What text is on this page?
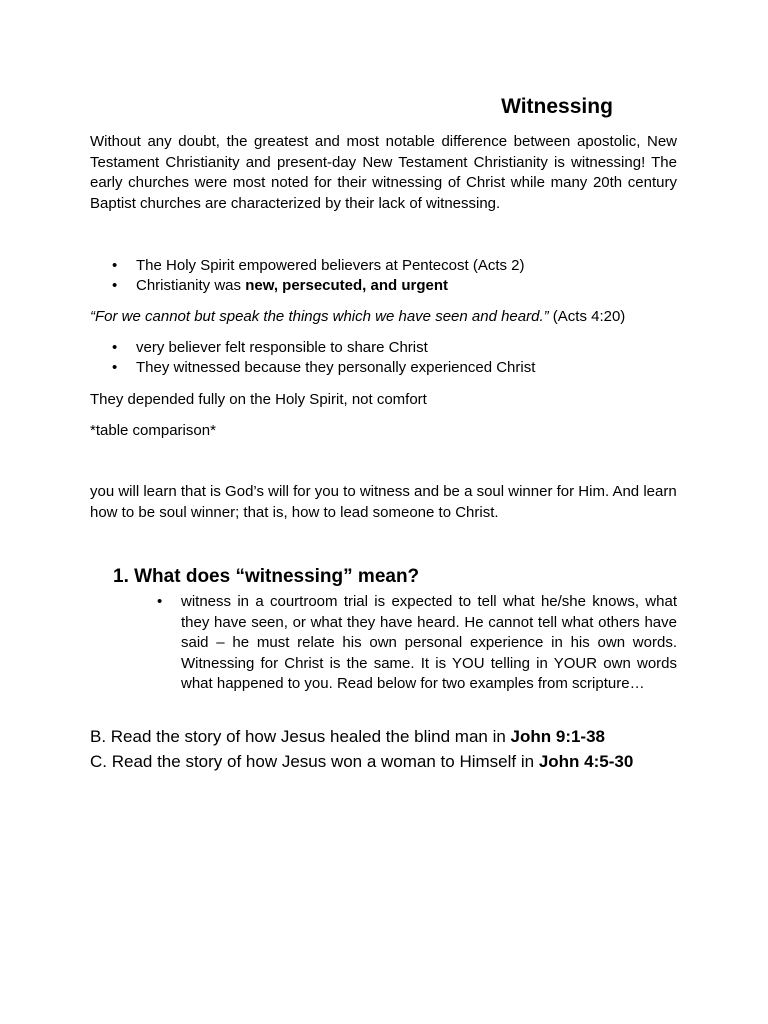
Witnessing

Without any doubt, the greatest and most notable difference between apostolic, New Testament Christianity and present-day New Testament Christianity is witnessing! The early churches were most noted for their witnessing of Christ while many 20th century Baptist churches are characterized by their lack of witnessing.

• The Holy Spirit empowered believers at Pentecost (Acts 2)
• Christianity was new, persecuted, and urgent

“For we cannot but speak the things which we have seen and heard.” (Acts 4:20)

• very believer felt responsible to share Christ
• They witnessed because they personally experienced Christ

They depended fully on the Holy Spirit, not comfort

*table comparison*

you will learn that is God’s will for you to witness and be a soul winner for Him. And learn how to be soul winner; that is, how to lead someone to Christ.

1. What does “witnessing” mean?
• witness in a courtroom trial is expected to tell what he/she knows, what they have seen, or what they have heard. He cannot tell what others have said – he must relate his own personal experience in his own words. Witnessing for Christ is the same. It is YOU telling in YOUR own words what happened to you. Read below for two examples from scripture…

B. Read the story of how Jesus healed the blind man in John 9:1-38

C. Read the story of how Jesus won a woman to Himself in John 4:5-30
